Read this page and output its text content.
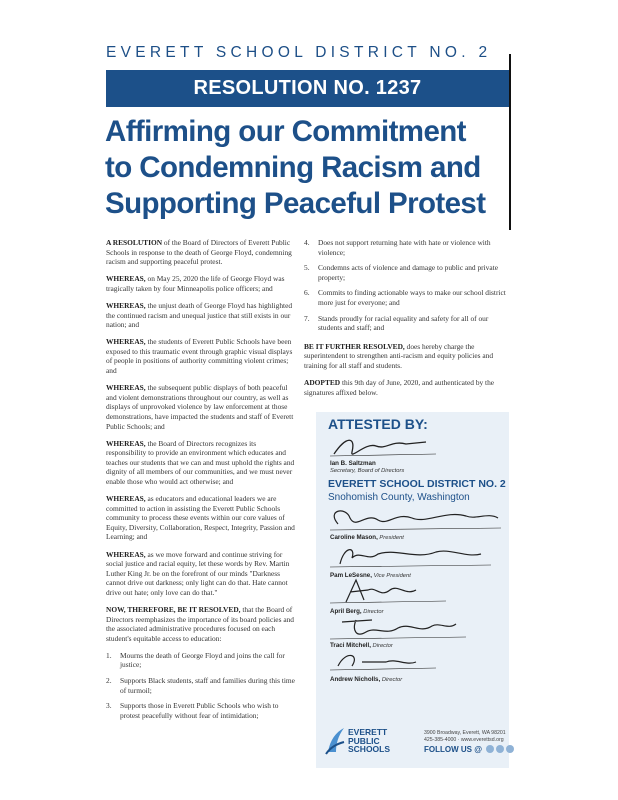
EVERETT SCHOOL DISTRICT NO. 2
RESOLUTION NO. 1237
Affirming our Commitment
to Condemning Racism and
Supporting Peaceful Protest

A RESOLUTION of the Board of Directors of Everett Public Schools in response to the death of George Floyd, condemning racism and supporting peaceful protest.

WHEREAS, on May 25, 2020 the life of George Floyd was tragically taken by four Minneapolis police officers; and

WHEREAS, the unjust death of George Floyd has highlighted the continued racism and unequal justice that still exists in our nation; and

WHEREAS, the students of Everett Public Schools have been exposed to this traumatic event through graphic visual displays of people in positions of authority committing violent crimes; and

WHEREAS, the subsequent public displays of both peaceful and violent demonstrations throughout our country, as well as displays of unprovoked violence by law enforcement at those demonstrations, have impacted the students and staff of Everett Public Schools; and

WHEREAS, the Board of Directors recognizes its responsibility to provide an environment which educates and teaches our students that we can and must uphold the rights and dignity of all members of our communities, and we must never enable those who would act otherwise; and

WHEREAS, as educators and educational leaders we are committed to action in assisting the Everett Public Schools community to process these events within our core values of Equity, Diversity, Collaboration, Respect, Integrity, Passion and Learning; and

WHEREAS, as we move forward and continue striving for social justice and racial equity, let these words by Rev. Martin Luther King Jr. be on the forefront of our minds "Darkness cannot drive out darkness; only light can do that. Hate cannot drive out hate; only love can do that."

NOW, THEREFORE, BE IT RESOLVED, that the Board of Directors reemphasizes the importance of its board policies and the associated administrative procedures focused on each student's equitable access to education:

1.	Mourns the death of George Floyd and joins the call for justice;
2.	Supports Black students, staff and families during this time of turmoil;
3.	Supports those in Everett Public Schools who wish to protest peacefully without fear of intimidation;
4.	Does not support returning hate with hate or violence with violence;
5.	Condemns acts of violence and damage to public and private property;
6.	Commits to finding actionable ways to make our school district more just for everyone; and
7.	Stands proudly for racial equality and safety for all of our students and staff; and

BE IT FURTHER RESOLVED, does hereby charge the superintendent to strengthen anti-racism and equity policies and training for all staff and students.

ADOPTED this 9th day of June, 2020, and authenticated by the signatures affixed below.

ATTESTED BY:
Ian B. Saltzman
Secretary, Board of Directors
EVERETT SCHOOL DISTRICT NO. 2
Snohomish County, Washington
Caroline Mason, President
Pam LeSesne, Vice President
April Berg, Director
Traci Mitchell, Director
Andrew Nicholls, Director
EVERETT
PUBLIC
SCHOOLS
3900 Broadway, Everett, WA 98201
425-385-4000 · www.everettsd.org
FOLLOW US @
